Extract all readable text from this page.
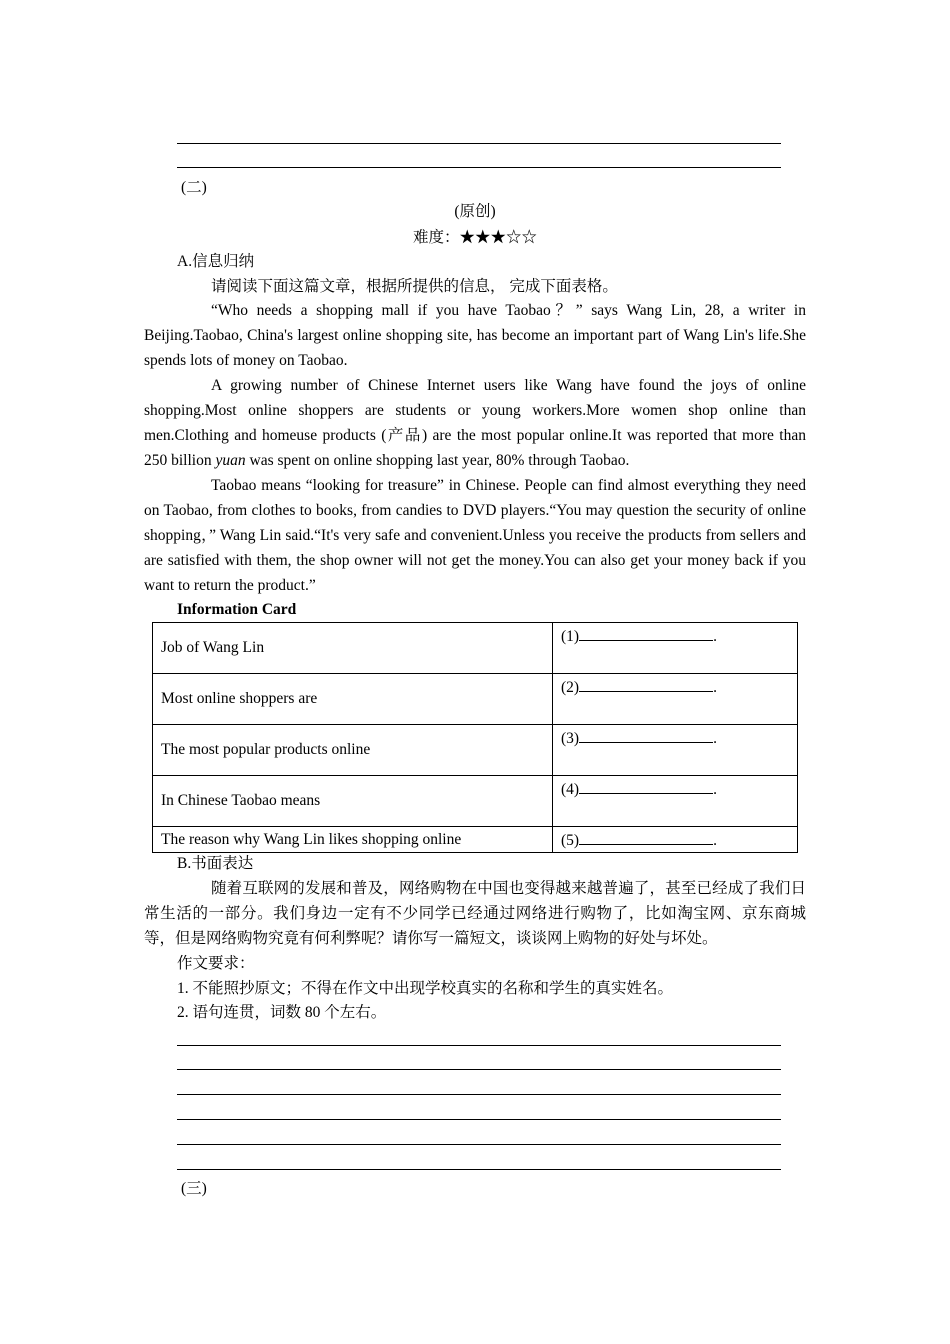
(二)
(原创)
难度：★★★☆☆
A.信息归纳
请阅读下面这篇文章，根据所提供的信息， 完成下面表格。

“Who needs a shopping mall if you have Taobao？” says Wang Lin, 28, a writer in Beijing.Taobao, China's largest online shopping site, has become an important part of Wang Lin's life.She spends lots of money on Taobao.

A growing number of Chinese Internet users like Wang have found the joys of online shopping.Most online shoppers are students or young workers.More women shop online than men.Clothing and homeuse products (产品) are the most popular online.It was reported that more than 250 billion yuan was spent on online shopping last year, 80% through Taobao.

Taobao means “looking for treasure” in Chinese. People can find almost everything they need on Taobao, from clothes to books, from candies to DVD players.“You may question the security of online shopping，” Wang Lin said.“It's very safe and convenient.Unless you receive the products from sellers and are satisfied with them, the shop owner will not get the money.You can also get your money back if you want to return the product.”

Information Card
Job of Wang Lin	(1) .
Most online shoppers are	(2) .
The most popular products online	(3) .
In Chinese Taobao means	(4) .
The reason why Wang Lin likes shopping online	(5) .
B.书面表达

随着互联网的发展和普及，网络购物在中国也变得越来越普遍了，甚至已经成了我们日常生活的一部分。我们身边一定有不少同学已经通过网络进行购物了，比如淘宝网、京东商城等，但是网络购物究竟有何利弊呢？请你写一篇短文，谈谈网上购物的好处与坏处。

作文要求：
1. 不能照抄原文；不得在作文中出现学校真实的名称和学生的真实姓名。
2. 语句连贯，词数 80 个左右。
(三)
